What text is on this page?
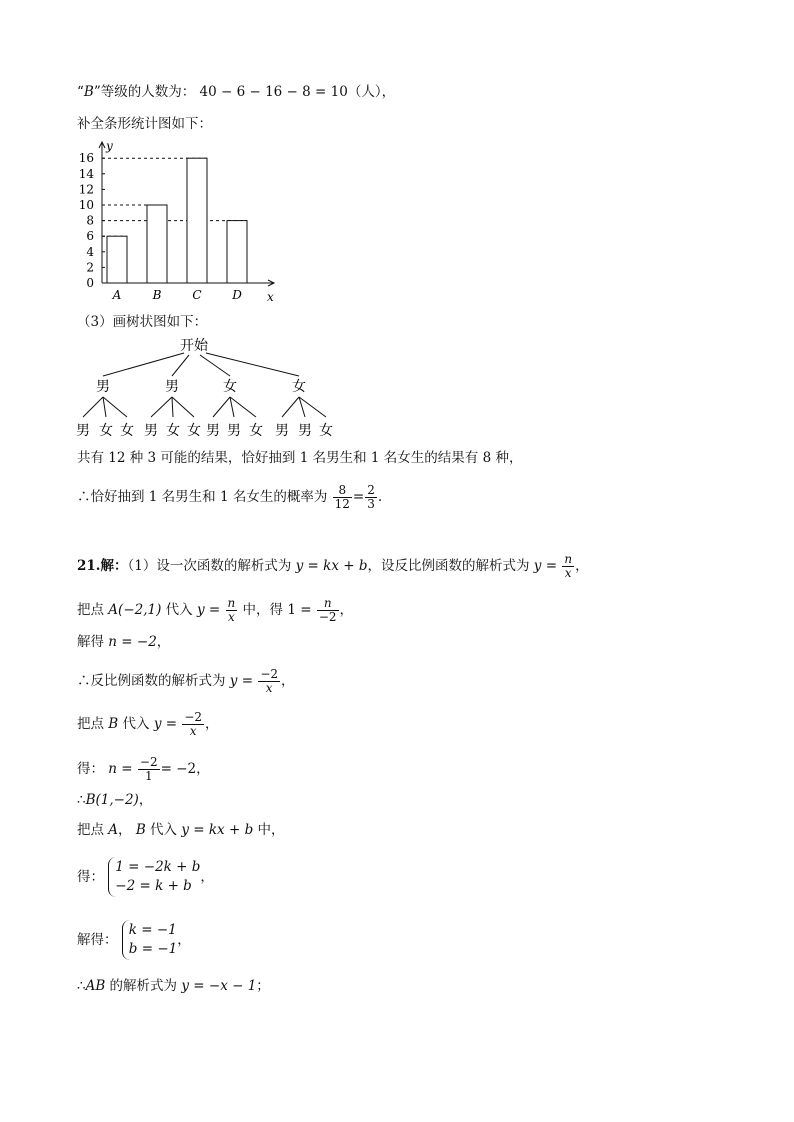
“B”等级的人数为： 40 − 6 − 16 − 8 = 10（人），
补全条形统计图如下：
0
2
4
6
8
10
12
14
16
A	B	C	D
y
x
（3）画树状图如下：
开始
男	男	女	女
男 女 女 男 女 女 男 男 女 男 男 女
共有 12 种 3 可能的结果，恰好抽到 1 名男生和 1 名女生的结果有 8 种，
∴恰好抽到 1 名男生和 1 名女生的概率为 $\frac{8}{12} = \frac{2}{3}$ .
21.解：（1）设一次函数的解析式为 y = kx + b，设反比例函数的解析式为 $y = \frac{n}{x}$ ，
把点 A(−2,1) 代入 $y = \frac{n}{x}$ 中，得 $1 = \frac{n}{-2}$ ，
解得 n = −2，
∴反比例函数的解析式为 $y = \frac{-2}{x}$ ，
把点 B 代入 $y = \frac{-2}{x}$ ，
得： $n = \frac{-2}{1} = -2$，
∴B(1,−2)，
把点 A， B 代入 y = kx + b 中，
得：
1 = −2k + b
−2 = k + b
，
解得：
k = −1
b = −1
，
∴AB 的解析式为 y = −x − 1；
